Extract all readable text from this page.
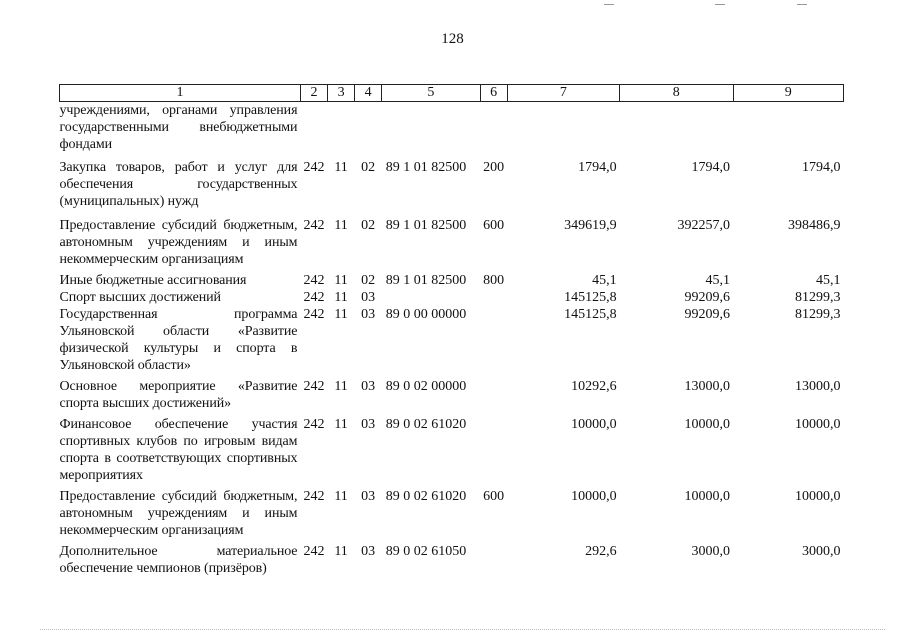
128
1	2	3	4	5	6	7	8	9
учреждениями, органами управления государственными внебюджетными фондами								
Закупка товаров, работ и услуг для обеспечения государственных (муниципальных) нужд	242	11	02	89 1 01 82500	200	1794,0	1794,0	1794,0
Предоставление субсидий бюджетным, автономным учреждениям и иным некоммерческим организациям	242	11	02	89 1 01 82500	600	349619,9	392257,0	398486,9
Иные бюджетные ассигнования	242	11	02	89 1 01 82500	800	45,1	45,1	45,1
Спорт высших достижений	242	11	03			145125,8	99209,6	81299,3
Государственная программа Ульяновской области «Развитие физической культуры и спорта в Ульяновской области»	242	11	03	89 0 00 00000		145125,8	99209,6	81299,3
Основное мероприятие «Развитие спорта высших достижений»	242	11	03	89 0 02 00000		10292,6	13000,0	13000,0
Финансовое обеспечение участия спортивных клубов по игровым видам спорта в соответствующих спортивных мероприятиях	242	11	03	89 0 02 61020		10000,0	10000,0	10000,0
Предоставление субсидий бюджетным, автономным учреждениям и иным некоммерческим организациям	242	11	03	89 0 02 61020	600	10000,0	10000,0	10000,0
Дополнительное материальное обеспечение чемпионов (призёров)	242	11	03	89 0 02 61050		292,6	3000,0	3000,0
